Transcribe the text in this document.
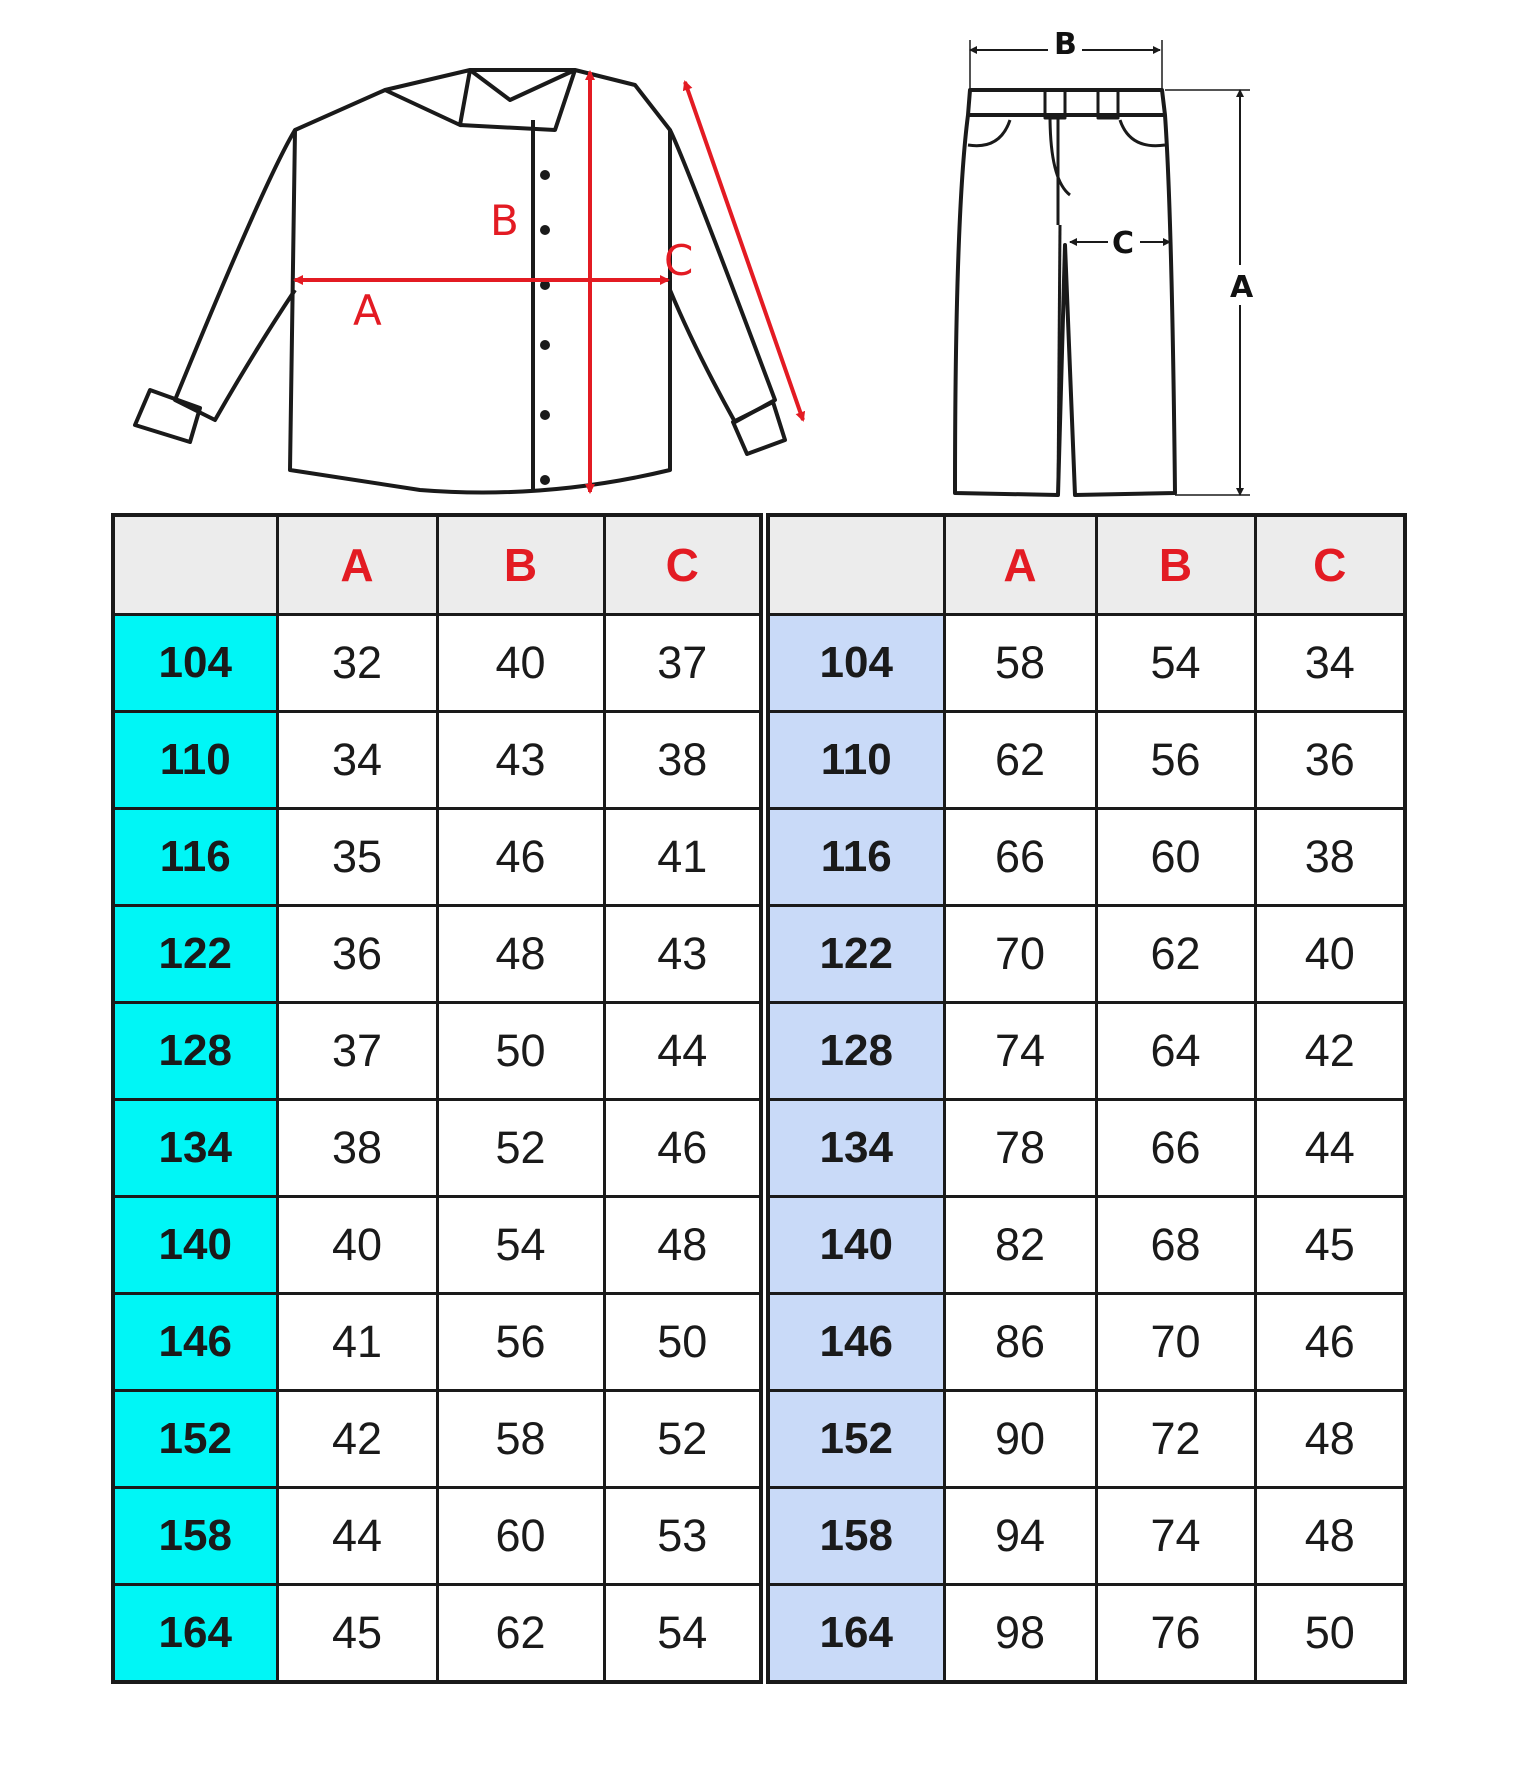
A
B
C
B
C
A
	A	B	C
104	32	40	37
110	34	43	38
116	35	46	41
122	36	48	43
128	37	50	44
134	38	52	46
140	40	54	48
146	41	56	50
152	42	58	52
158	44	60	53
164	45	62	54
	A	B	C
104	58	54	34
110	62	56	36
116	66	60	38
122	70	62	40
128	74	64	42
134	78	66	44
140	82	68	45
146	86	70	46
152	90	72	48
158	94	74	48
164	98	76	50
